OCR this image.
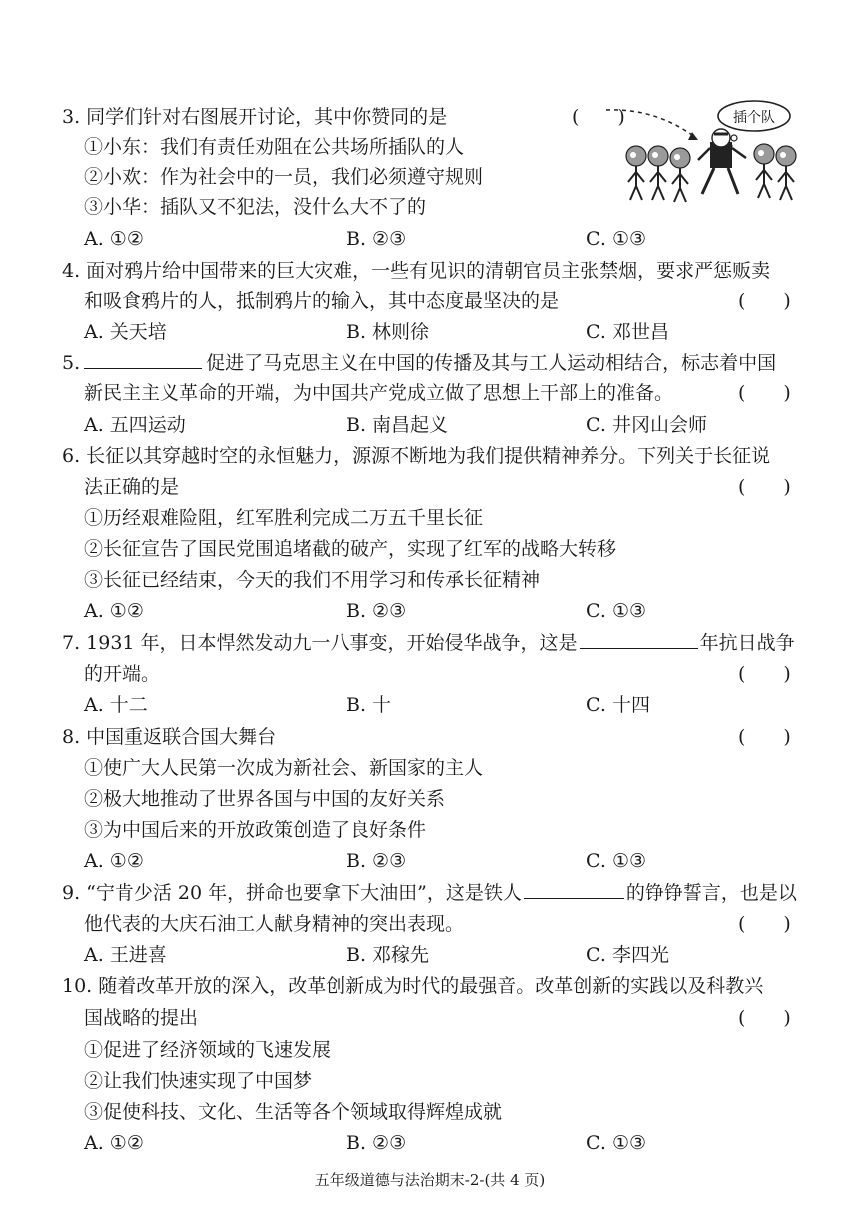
3. 同学们针对右图展开讨论，其中你赞同的是	(　　)
①小东：我们有责任劝阻在公共场所插队的人
②小欢：作为社会中的一员，我们必须遵守规则
③小华：插队又不犯法，没什么大不了的
A. ①②	B. ②③	C. ①③
插个队
4. 面对鸦片给中国带来的巨大灾难，一些有见识的清朝官员主张禁烟，要求严惩贩卖
和吸食鸦片的人，抵制鸦片的输入，其中态度最坚决的是	(　　)
A. 关天培	B. 林则徐	C. 邓世昌
5.	促进了马克思主义在中国的传播及其与工人运动相结合，标志着中国
新民主主义革命的开端，为中国共产党成立做了思想上干部上的准备。	(　　)
A. 五四运动	B. 南昌起义	C. 井冈山会师
6. 长征以其穿越时空的永恒魅力，源源不断地为我们提供精神养分。下列关于长征说
法正确的是	(　　)
①历经艰难险阻，红军胜利完成二万五千里长征
②长征宣告了国民党围追堵截的破产，实现了红军的战略大转移
③长征已经结束，今天的我们不用学习和传承长征精神
A. ①②	B. ②③	C. ①③
7. 1931 年，日本悍然发动九一八事变，开始侵华战争，这是	年抗日战争
的开端。	(　　)
A. 十二	B. 十	C. 十四
8. 中国重返联合国大舞台	(　　)
①使广大人民第一次成为新社会、新国家的主人
②极大地推动了世界各国与中国的友好关系
③为中国后来的开放政策创造了良好条件
A. ①②	B. ②③	C. ①③
9. “宁肯少活 20 年，拼命也要拿下大油田”，这是铁人	的铮铮誓言，也是以
他代表的大庆石油工人献身精神的突出表现。	(　　)
A. 王进喜	B. 邓稼先	C. 李四光
10. 随着改革开放的深入，改革创新成为时代的最强音。改革创新的实践以及科教兴
国战略的提出	(　　)
①促进了经济领域的飞速发展
②让我们快速实现了中国梦
③促使科技、文化、生活等各个领域取得辉煌成就
A. ①②	B. ②③	C. ①③
五年级道德与法治期末-2-(共 4 页)
